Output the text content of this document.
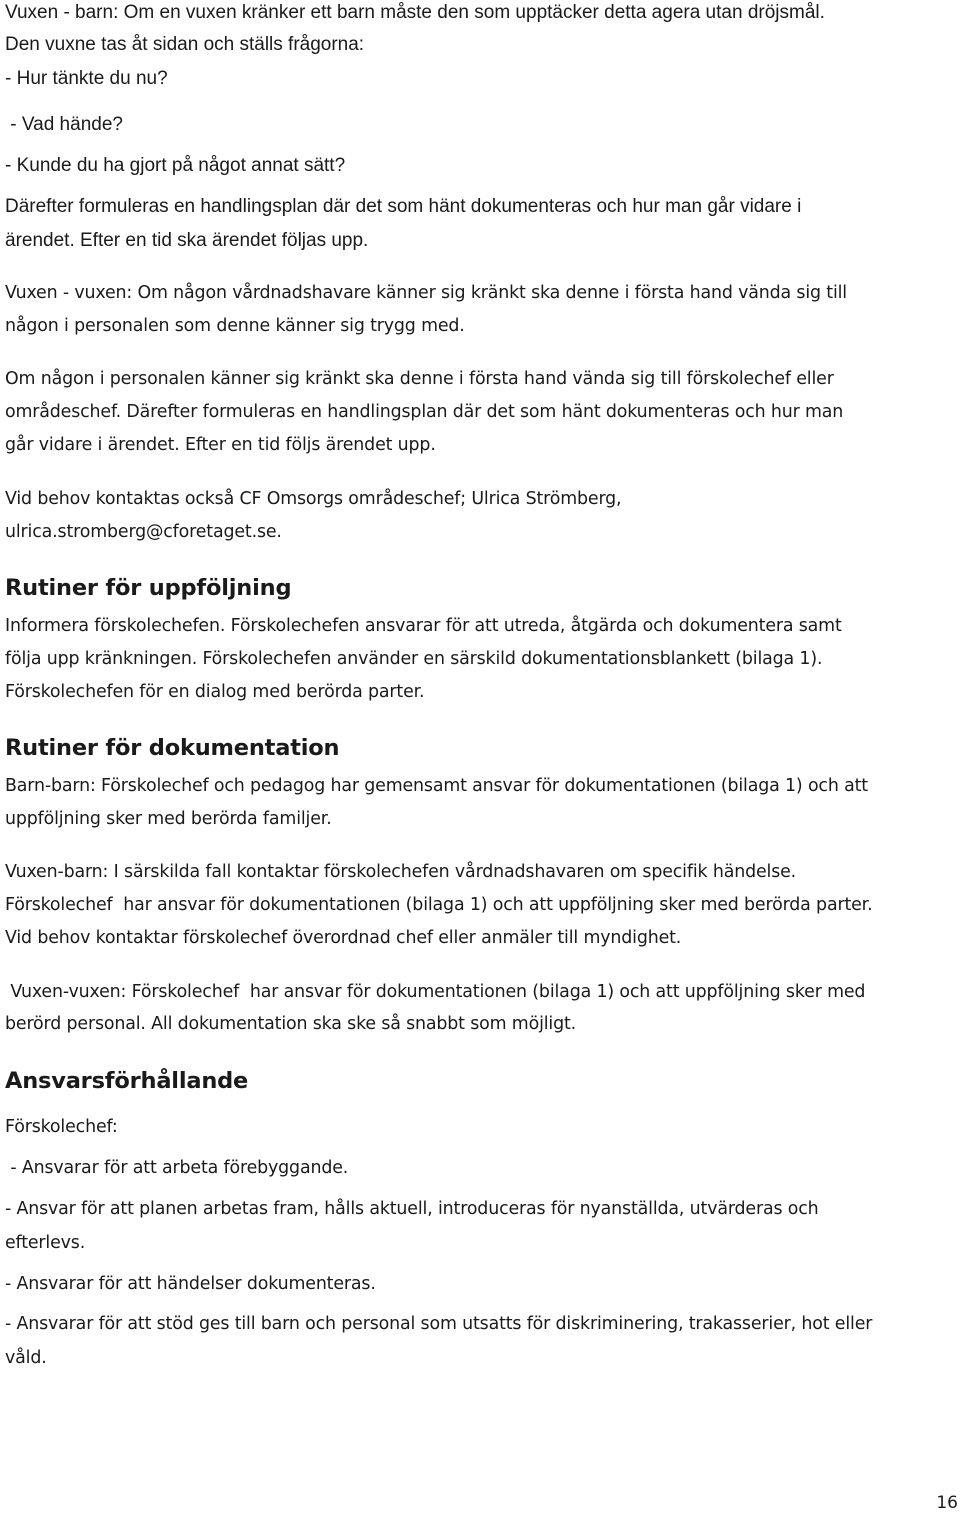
Vuxen - barn: Om en vuxen kränker ett barn måste den som upptäcker detta agera utan dröjsmål.
Den vuxne tas åt sidan och ställs frågorna:
- Hur tänkte du nu?
- Vad hände?
- Kunde du ha gjort på något annat sätt?
Därefter formuleras en handlingsplan där det som hänt dokumenteras och hur man går vidare i
ärendet. Efter en tid ska ärendet följas upp.
Vuxen - vuxen: Om någon vårdnadshavare känner sig kränkt ska denne i första hand vända sig till
någon i personalen som denne känner sig trygg med.
Om någon i personalen känner sig kränkt ska denne i första hand vända sig till förskolechef eller
områdeschef. Därefter formuleras en handlingsplan där det som hänt dokumenteras och hur man
går vidare i ärendet. Efter en tid följs ärendet upp.
Vid behov kontaktas också CF Omsorgs områdeschef; Ulrica Strömberg,
ulrica.stromberg@cforetaget.se.
Rutiner för uppföljning
Informera förskolechefen. Förskolechefen ansvarar för att utreda, åtgärda och dokumentera samt
följa upp kränkningen. Förskolechefen använder en särskild dokumentationsblankett (bilaga 1).
Förskolechefen för en dialog med berörda parter.
Rutiner för dokumentation
Barn-barn: Förskolechef och pedagog har gemensamt ansvar för dokumentationen (bilaga 1) och att
uppföljning sker med berörda familjer.
Vuxen-barn: I särskilda fall kontaktar förskolechefen vårdnadshavaren om specifik händelse.
Förskolechef  har ansvar för dokumentationen (bilaga 1) och att uppföljning sker med berörda parter.
Vid behov kontaktar förskolechef överordnad chef eller anmäler till myndighet.
Vuxen-vuxen: Förskolechef  har ansvar för dokumentationen (bilaga 1) och att uppföljning sker med
berörd personal. All dokumentation ska ske så snabbt som möjligt.
Ansvarsförhållande
Förskolechef:
- Ansvarar för att arbeta förebyggande.
- Ansvar för att planen arbetas fram, hålls aktuell, introduceras för nyanställda, utvärderas och
efterlevs.
- Ansvarar för att händelser dokumenteras.
- Ansvarar för att stöd ges till barn och personal som utsatts för diskriminering, trakasserier, hot eller
våld.
16
